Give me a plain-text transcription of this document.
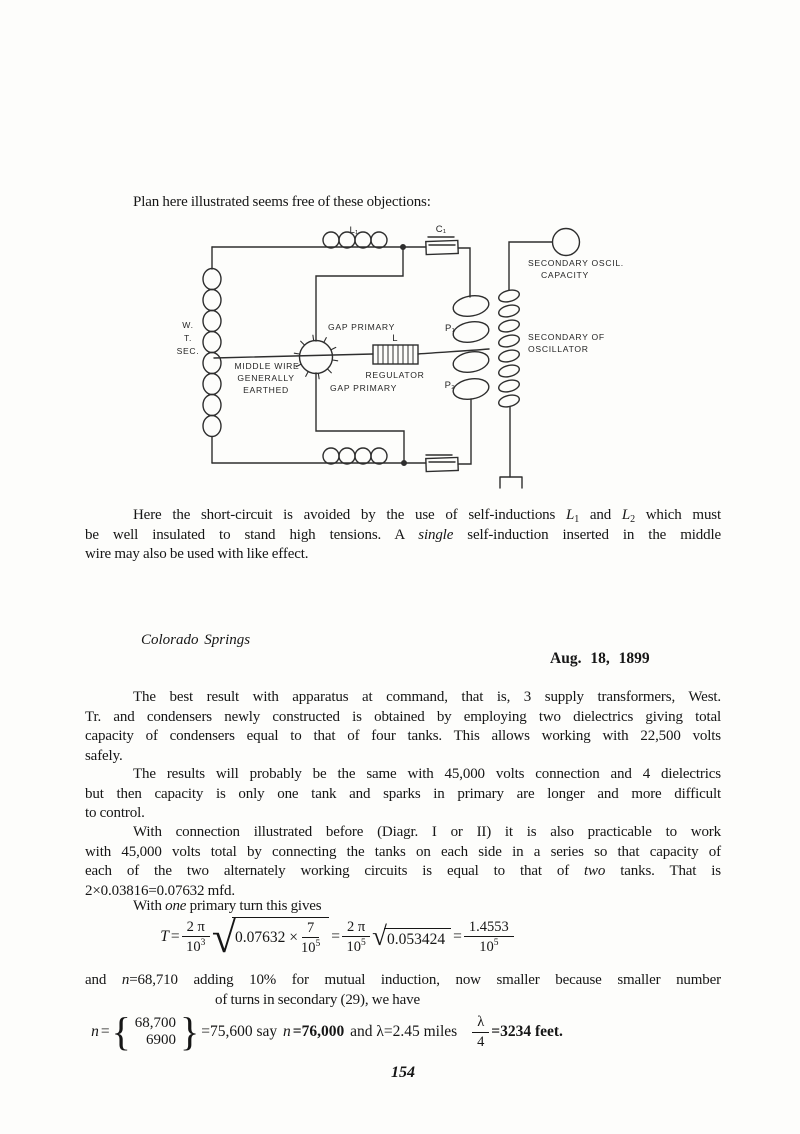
Plan here illustrated seems free of these objections:
L₁	C₁
W.
T.
SEC.
GAP PRIMARY
GAP PRIMARY
MIDDLE WIRE
GENERALLY
EARTHED
L
REGULATOR
P₁
P₂
SECONDARY OSCIL.
CAPACITY
SECONDARY OF
OSCILLATOR
Here the short-circuit is avoided by the use of self-inductions $L_1$ and $L_2$ which must
be well insulated to stand high tensions. A single self-induction inserted in the middle
wire may also be used with like effect.
Colorado Springs
Aug. 18, 1899
The best result with apparatus at command, that is, 3 supply transformers, West.
Tr. and condensers newly constructed is obtained by employing two dielectrics giving total
capacity of condensers equal to that of four tanks. This allows working with 22,500 volts
safely.
The results will probably be the same with 45,000 volts connection and 4 dielectrics
but then capacity is only one tank and sparks in primary are longer and more difficult
to control.
With connection illustrated before (Diagr. I or II) it is also practicable to work
with 45,000 volts total by connecting the tanks on each side in a series so that capacity of
each of the two alternately working circuits is equal to that of two tanks. That is
2×0.03816=0.07632 mfd.
With one primary turn this gives
$T = \frac{2 \pi}{10^3}$ √ $0.07632 \times \frac{7}{10^5} = \frac{2 \pi}{10^5}$ √ $0.053424 = \frac{1.4553}{10^5}$
and n=68,710 adding 10% for mutual induction, now smaller because smaller number
of turns in secondary (29), we have
n = { 68,700
6900 } =75,600 say n =76,000 and λ=2.45 miles $\frac{\lambda}{4} =3234$ feet.
154
